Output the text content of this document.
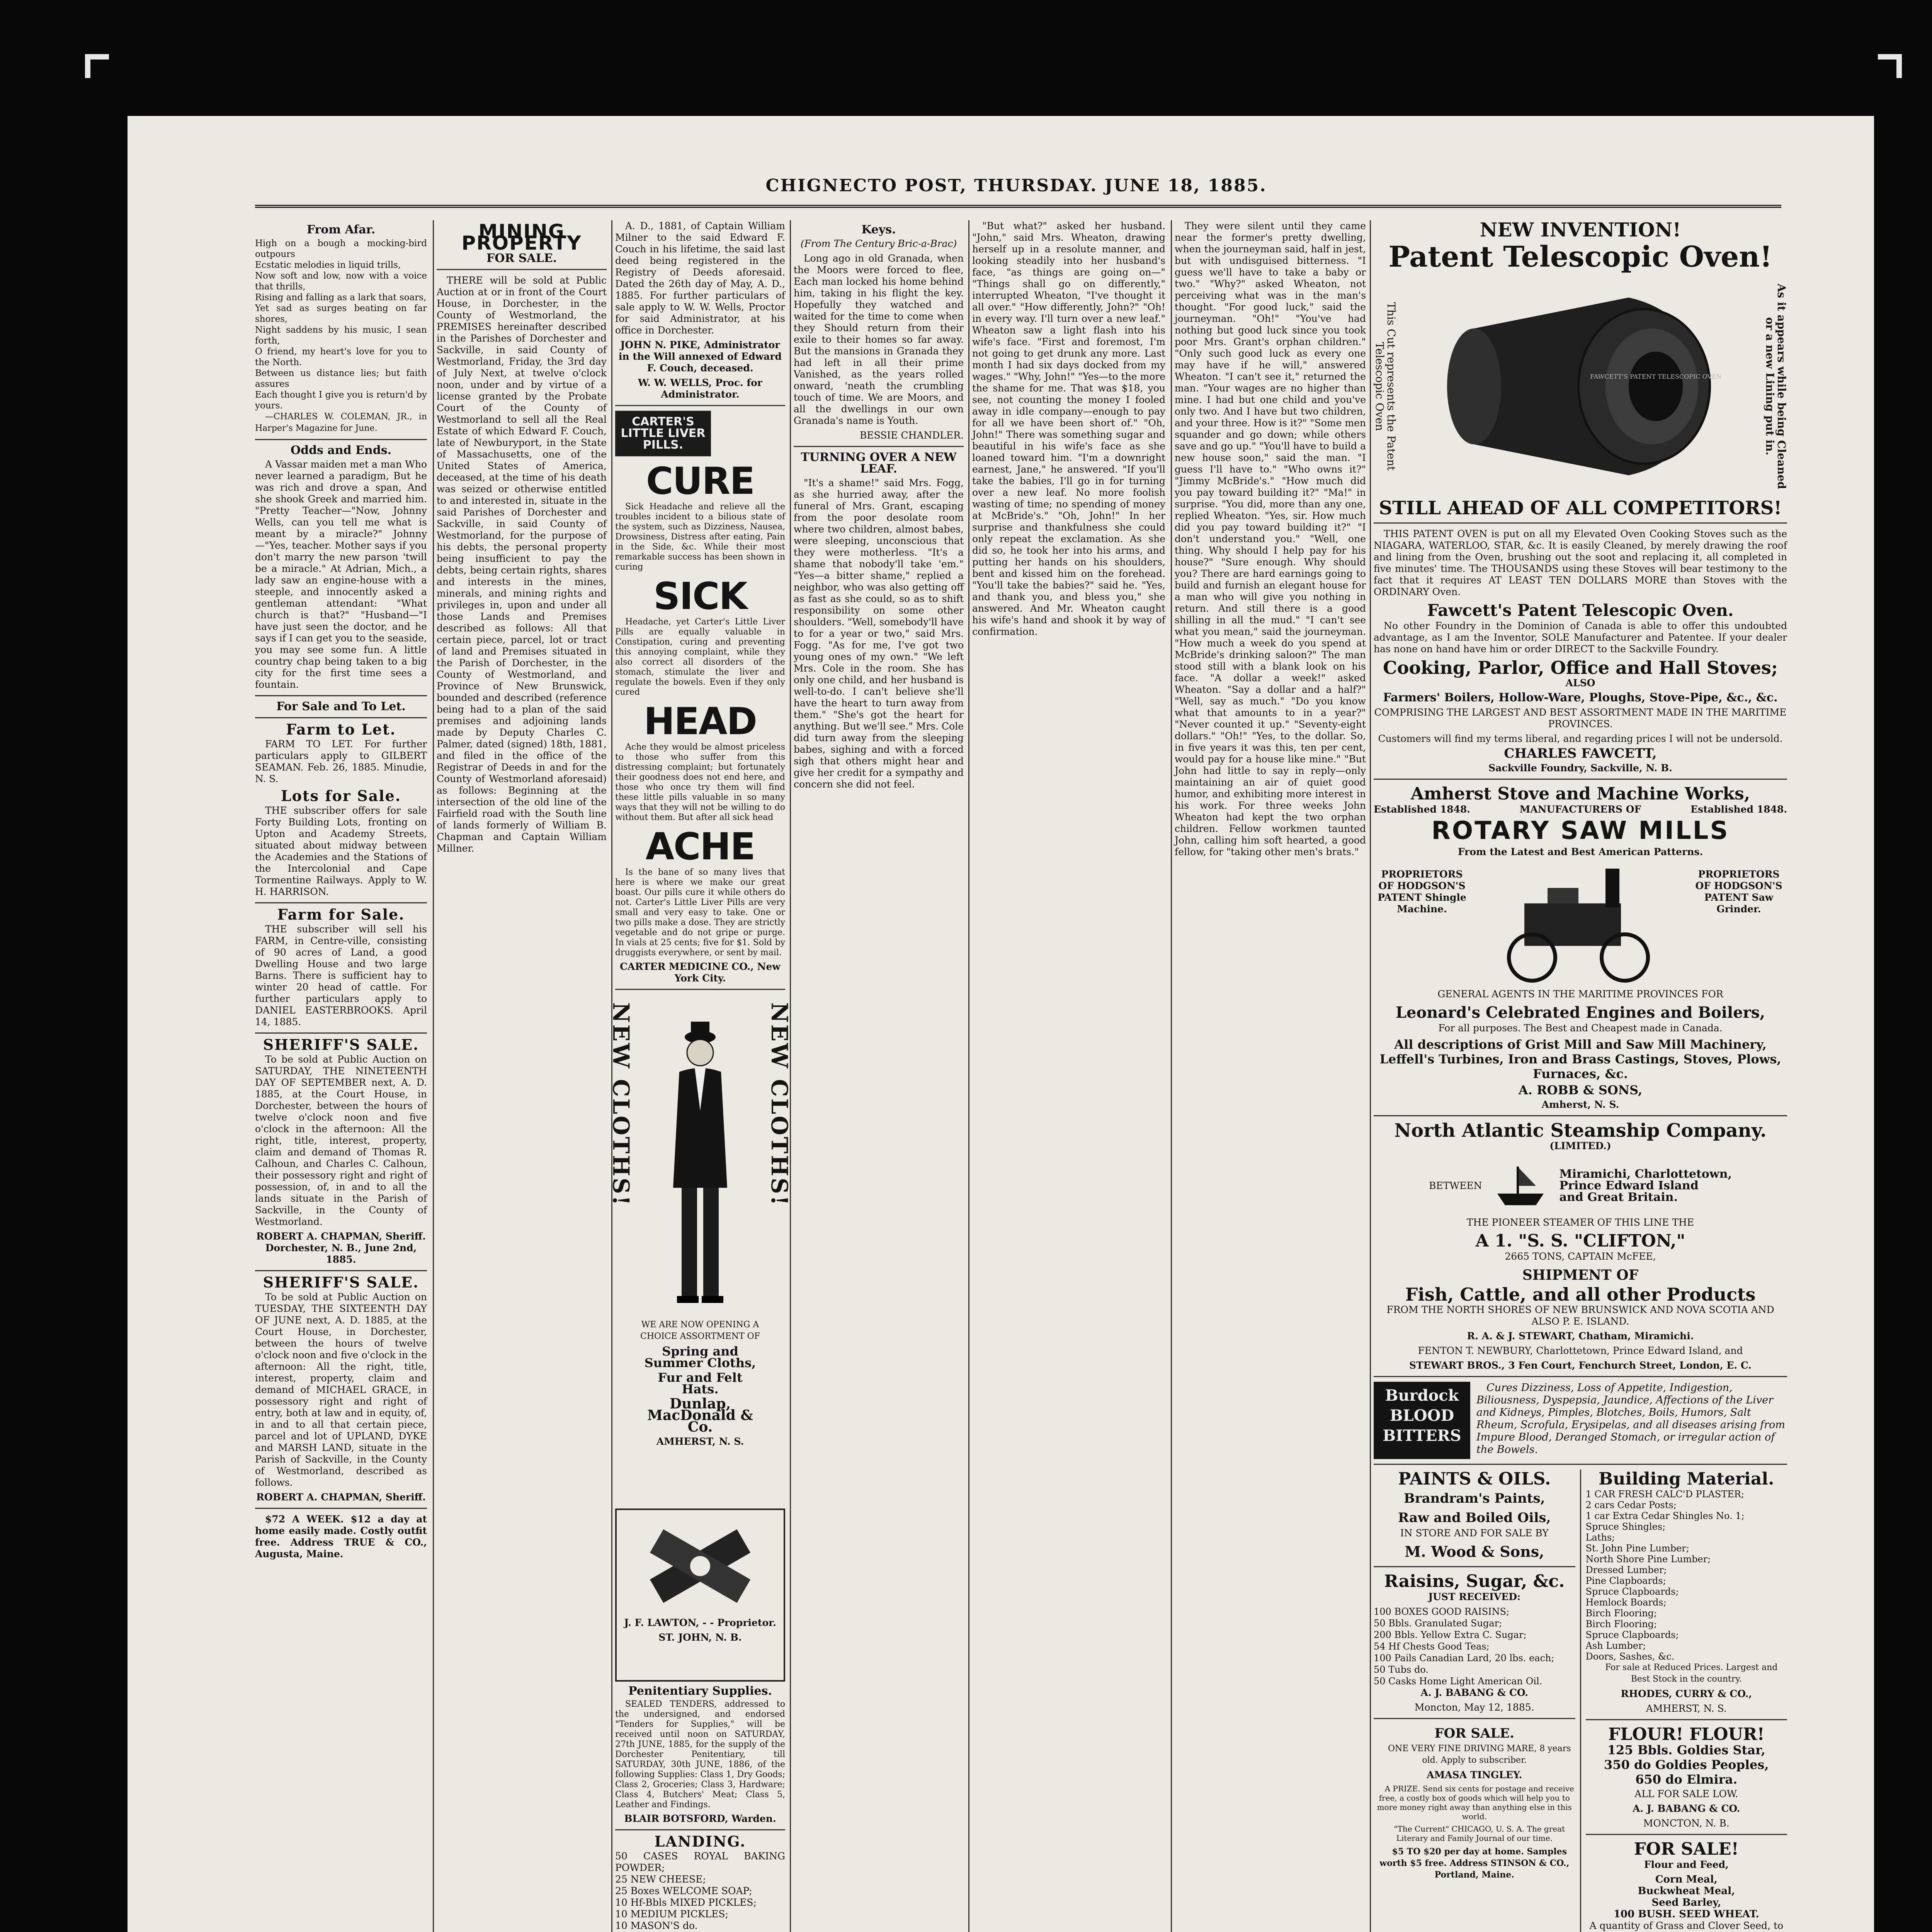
CHIGNECTO POST, THURSDAY. JUNE 18, 1885.
From Afar.
High on a bough a mocking-bird outpours
Ecstatic melodies in liquid trills,
Now soft and low, now with a voice that thrills,
Rising and falling as a lark that soars,
Yet sad as surges beating on far shores,
Night saddens by his music, I sean forth,
O friend, my heart's love for you to the North.
Between us distance lies; but faith assures
Each thought I give you is return'd by yours.

—CHARLES W. COLEMAN, JR., in Harper's Magazine for June.

Odds and Ends.

A Vassar maiden met a man Who never learned a paradigm, But he was rich and drove a span, And she shook Greek and married him. "Pretty Teacher—"Now, Johnny Wells, can you tell me what is meant by a miracle?" Johnny—"Yes, teacher. Mother says if you don't marry the new parson 'twill be a miracle." At Adrian, Mich., a lady saw an engine-house with a steeple, and innocently asked a gentleman attendant: "What church is that?" "Husband—"I have just seen the doctor, and he says if I can get you to the seaside, you may see some fun. A little country chap being taken to a big city for the first time sees a fountain.

For Sale and To Let.
Farm to Let.

FARM TO LET. For further particulars apply to GILBERT SEAMAN. Feb. 26, 1885. Minudie, N. S.

Lots for Sale.

THE subscriber offers for sale Forty Building Lots, fronting on Upton and Academy Streets, situated about midway between the Academies and the Stations of the Intercolonial and Cape Tormentine Railways. Apply to W. H. HARRISON.

Farm for Sale.

THE subscriber will sell his FARM, in Centre-ville, consisting of 90 acres of Land, a good Dwelling House and two large Barns. There is sufficient hay to winter 20 head of cattle. For further particulars apply to DANIEL EASTERBROOKS. April 14, 1885.

SHERIFF'S SALE.

To be sold at Public Auction on SATURDAY, THE NINETEENTH DAY OF SEPTEMBER next, A. D. 1885, at the Court House, in Dorchester, between the hours of twelve o'clock noon and five o'clock in the afternoon: All the right, title, interest, property, claim and demand of Thomas R. Calhoun, and Charles C. Calhoun, their possessory right and right of possession, of, in and to all the lands situate in the Parish of Sackville, in the County of Westmorland.

ROBERT A. CHAPMAN, Sheriff. Dorchester, N. B., June 2nd, 1885.

SHERIFF'S SALE.

To be sold at Public Auction on TUESDAY, THE SIXTEENTH DAY OF JUNE next, A. D. 1885, at the Court House, in Dorchester, between the hours of twelve o'clock noon and five o'clock in the afternoon: All the right, title, interest, property, claim and demand of MICHAEL GRACE, in possessory right and right of entry, both at law and in equity, of, in and to all that certain piece, parcel and lot of UPLAND, DYKE and MARSH LAND, situate in the Parish of Sackville, in the County of Westmorland, described as follows.

ROBERT A. CHAPMAN, Sheriff.

$72 A WEEK. $12 a day at home easily made. Costly outfit free. Address TRUE & CO., Augusta, Maine.

MINING PROPERTY
FOR SALE.

THERE will be sold at Public Auction at or in front of the Court House, in Dorchester, in the County of Westmorland, the PREMISES hereinafter described in the Parishes of Dorchester and Sackville, in said County of Westmorland, Friday, the 3rd day of July Next, at twelve o'clock noon, under and by virtue of a license granted by the Probate Court of the County of Westmorland to sell all the Real Estate of which Edward F. Couch, late of Newburyport, in the State of Massachusetts, one of the United States of America, deceased, at the time of his death was seized or otherwise entitled to and interested in, situate in the said Parishes of Dorchester and Sackville, in said County of Westmorland, for the purpose of his debts, the personal property being insufficient to pay the debts, being certain rights, shares and interests in the mines, minerals, and mining rights and privileges in, upon and under all those Lands and Premises described as follows: All that certain piece, parcel, lot or tract of land and Premises situated in the Parish of Dorchester, in the County of Westmorland, and Province of New Brunswick, bounded and described (reference being had to a plan of the said premises and adjoining lands made by Deputy Charles C. Palmer, dated (signed) 18th, 1881, and filed in the office of the Registrar of Deeds in and for the County of Westmorland aforesaid) as follows: Beginning at the intersection of the old line of the Fairfield road with the South line of lands formerly of William B. Chapman and Captain William Millner.

A. D., 1881, of Captain William Milner to the said Edward F. Couch in his lifetime, the said last deed being registered in the Registry of Deeds aforesaid. Dated the 26th day of May, A. D., 1885. For further particulars of sale apply to W. W. Wells, Proctor for said Administrator, at his office in Dorchester.

JOHN N. PIKE, Administrator in the Will annexed of Edward F. Couch, deceased.

W. W. WELLS, Proc. for Administrator.

CARTER'S LITTLE LIVER PILLS.
CURE

Sick Headache and relieve all the troubles incident to a bilious state of the system, such as Dizziness, Nausea, Drowsiness, Distress after eating, Pain in the Side, &c. While their most remarkable success has been shown in curing

SICK

Headache, yet Carter's Little Liver Pills are equally valuable in Constipation, curing and preventing this annoying complaint, while they also correct all disorders of the stomach, stimulate the liver and regulate the bowels. Even if they only cured

HEAD

Ache they would be almost priceless to those who suffer from this distressing complaint; but fortunately their goodness does not end here, and those who once try them will find these little pills valuable in so many ways that they will not be willing to do without them. But after all sick head

ACHE

Is the bane of so many lives that here is where we make our great boast. Our pills cure it while others do not. Carter's Little Liver Pills are very small and very easy to take. One or two pills make a dose. They are strictly vegetable and do not gripe or purge. In vials at 25 cents; five for $1. Sold by druggists everywhere, or sent by mail.

CARTER MEDICINE CO., New York City.

NEW CLOTHS!	NEW CLOTHS!

WE ARE NOW OPENING A CHOICE ASSORTMENT OF

Spring and Summer Cloths,

Fur and Felt Hats.

Dunlap, MacDonald & Co.

AMHERST, N. S.

J. F. LAWTON, - - Proprietor.

ST. JOHN, N. B.

Penitentiary Supplies.

SEALED TENDERS, addressed to the undersigned, and endorsed "Tenders for Supplies," will be received until noon on SATURDAY, 27th JUNE, 1885, for the supply of the Dorchester Penitentiary, till SATURDAY, 30th JUNE, 1886, of the following Supplies: Class 1, Dry Goods; Class 2, Groceries; Class 3, Hardware; Class 4, Butchers' Meat; Class 5, Leather and Findings.

BLAIR BOTSFORD, Warden.

LANDING.
50 CASES ROYAL BAKING POWDER;
25 NEW CHEESE;
25 Boxes WELCOME SOAP;
10 Hf-Bbls MIXED PICKLES;
10 MEDIUM PICKLES;
10 MASON'S do.

Keys.

(From The Century Bric-a-Brac)

Long ago in old Granada, when the Moors were forced to flee, Each man locked his home behind him, taking in his flight the key. Hopefully they watched and waited for the time to come when they Should return from their exile to their homes so far away. But the mansions in Granada they had left in all their prime Vanished, as the years rolled onward, 'neath the crumbling touch of time. We are Moors, and all the dwellings in our own Granada's name is Youth.

BESSIE CHANDLER.

TURNING OVER A NEW LEAF.

"It's a shame!" said Mrs. Fogg, as she hurried away, after the funeral of Mrs. Grant, escaping from the poor desolate room where two children, almost babes, were sleeping, unconscious that they were motherless. "It's a shame that nobody'll take 'em." "Yes—a bitter shame," replied a neighbor, who was also getting off as fast as she could, so as to shift responsibility on some other shoulders. "Well, somebody'll have to for a year or two," said Mrs. Fogg. "As for me, I've got two young ones of my own." "We left Mrs. Cole in the room. She has only one child, and her husband is well-to-do. I can't believe she'll have the heart to turn away from them." "She's got the heart for anything. But we'll see." Mrs. Cole did turn away from the sleeping babes, sighing and with a forced sigh that others might hear and give her credit for a sympathy and concern she did not feel.

"But what?" asked her husband. "John," said Mrs. Wheaton, drawing herself up in a resolute manner, and looking steadily into her husband's face, "as things are going on—" "Things shall go on differently," interrupted Wheaton, "I've thought it all over." "How differently, John?" "Oh! in every way. I'll turn over a new leaf." Wheaton saw a light flash into his wife's face. "First and foremost, I'm not going to get drunk any more. Last month I had six days docked from my wages." "Why, John!" "Yes—to the more the shame for me. That was $18, you see, not counting the money I fooled away in idle company—enough to pay for all we have been short of." "Oh, John!" There was something sugar and beautiful in his wife's face as she loaned toward him. "I'm a downright earnest, Jane," he answered. "If you'll take the babies, I'll go in for turning over a new leaf. No more foolish wasting of time; no spending of money at McBride's." "Oh, John!" In her surprise and thankfulness she could only repeat the exclamation. As she did so, he took her into his arms, and putting her hands on his shoulders, bent and kissed him on the forehead. "You'll take the babies?" said he. "Yes, and thank you, and bless you," she answered. And Mr. Wheaton caught his wife's hand and shook it by way of confirmation.

They were silent until they came near the former's pretty dwelling, when the journeyman said, half in jest, but with undisguised bitterness. "I guess we'll have to take a baby or two." "Why?" asked Wheaton, not perceiving what was in the man's thought. "For good luck," said the journeyman. "Oh!" "You've had nothing but good luck since you took poor Mrs. Grant's orphan children." "Only such good luck as every one may have if he will," answered Wheaton. "I can't see it," returned the man. "Your wages are no higher than mine. I had but one child and you've only two. And I have but two children, and your three. How is it?" "Some men squander and go down; while others save and go up." "You'll have to build a new house soon," said the man. "I guess I'll have to." "Who owns it?" "Jimmy McBride's." "How much did you pay toward building it?" "Ma!" in surprise. "You did, more than any one, replied Wheaton. "Yes, sir. How much did you pay toward building it?" "I don't understand you." "Well, one thing. Why should I help pay for his house?" "Sure enough. Why should you? There are hard earnings going to build and furnish an elegant house for a man who will give you nothing in return. And still there is a good shilling in all the mud." "I can't see what you mean," said the journeyman. "How much a week do you spend at McBride's drinking saloon?" The man stood still with a blank look on his face. "A dollar a week!" asked Wheaton. "Say a dollar and a half?" "Well, say as much." "Do you know what that amounts to in a year?" "Never counted it up." "Seventy-eight dollars." "Oh!" "Yes, to the dollar. So, in five years it was this, ten per cent, would pay for a house like mine." "But John had little to say in reply—only maintaining an air of quiet good humor, and exhibiting more interest in his work. For three weeks John Wheaton had kept the two orphan children. Fellow workmen taunted John, calling him soft hearted, a good fellow, for "taking other men's brats."

NEW INVENTION!
Patent Telescopic Oven!
This Cut represents the Patent Telescopic Oven	As it appears while being Cleaned or a new Lining put in.
FAWCETT'S PATENT TELESCOPIC OVEN
STILL AHEAD OF ALL COMPETITORS!

THIS PATENT OVEN is put on all my Elevated Oven Cooking Stoves such as the NIAGARA, WATERLOO, STAR, &c. It is easily Cleaned, by merely drawing the roof and lining from the Oven, brushing out the soot and replacing it, all completed in five minutes' time. The THOUSANDS using these Stoves will bear testimony to the fact that it requires AT LEAST TEN DOLLARS MORE than Stoves with the ORDINARY Oven.

Fawcett's Patent Telescopic Oven.

No other Foundry in the Dominion of Canada is able to offer this undoubted advantage, as I am the Inventor, SOLE Manufacturer and Patentee. If your dealer has none on hand have him or order DIRECT to the Sackville Foundry.

Cooking, Parlor, Office and Hall Stoves;

ALSO

Farmers' Boilers, Hollow-Ware, Ploughs, Stove-Pipe, &c., &c.

COMPRISING THE LARGEST AND BEST ASSORTMENT MADE IN THE MARITIME PROVINCES.

Customers will find my terms liberal, and regarding prices I will not be undersold.

CHARLES FAWCETT,

Sackville Foundry, Sackville, N. B.

Amherst Stove and Machine Works,
Established 1848.	MANUFACTURERS OF	Established 1848.
ROTARY SAW MILLS

From the Latest and Best American Patterns.

PROPRIETORS OF HODGSON'S PATENT Shingle Machine.
PROPRIETORS OF HODGSON'S PATENT Saw Grinder.

GENERAL AGENTS IN THE MARITIME PROVINCES FOR

Leonard's Celebrated Engines and Boilers,

For all purposes. The Best and Cheapest made in Canada.

All descriptions of Grist Mill and Saw Mill Machinery, Leffell's Turbines, Iron and Brass Castings, Stoves, Plows, Furnaces, &c.

A. ROBB & SONS,

Amherst, N. S.

North Atlantic Steamship Company.

(LIMITED.)

BETWEEN
Miramichi, Charlottetown,
Prince Edward Island
and Great Britain.

THE PIONEER STEAMER OF THIS LINE THE

A 1. "S. S. "CLIFTON,"

2665 TONS, CAPTAIN McFEE,

SHIPMENT OF
Fish, Cattle, and all other Products

FROM THE NORTH SHORES OF NEW BRUNSWICK AND NOVA SCOTIA AND ALSO P. E. ISLAND.

R. A. & J. STEWART, Chatham, Miramichi.

FENTON T. NEWBURY, Charlottetown, Prince Edward Island, and

STEWART BROS., 3 Fen Court, Fenchurch Street, London, E. C.

Burdock
BLOOD
BITTERS

Cures Dizziness, Loss of Appetite, Indigestion, Biliousness, Dyspepsia, Jaundice, Affections of the Liver and Kidneys, Pimples, Blotches, Boils, Humors, Salt Rheum, Scrofula, Erysipelas, and all diseases arising from Impure Blood, Deranged Stomach, or irregular action of the Bowels.

PAINTS & OILS.
Brandram's Paints,
Raw and Boiled Oils,

IN STORE AND FOR SALE BY

M. Wood & Sons,
Raisins, Sugar, &c.

JUST RECEIVED:

100 BOXES GOOD RAISINS;
50 Bbls. Granulated Sugar;
200 Bbls. Yellow Extra C. Sugar;
54 Hf Chests Good Teas;
100 Pails Canadian Lard, 20 lbs. each;
50 Tubs do.
50 Casks Home Light American Oil.

A. J. BABANG & CO.

Moncton, May 12, 1885.

FOR SALE.

ONE VERY FINE DRIVING MARE, 8 years old. Apply to subscriber.

AMASA TINGLEY.

A PRIZE. Send six cents for postage and receive free, a costly box of goods which will help you to more money right away than anything else in this world.

"The Current" CHICAGO, U. S. A. The great Literary and Family Journal of our time.

$5 TO $20 per day at home. Samples worth $5 free. Address STINSON & CO., Portland, Maine.

Building Material.
1 CAR FRESH CALC'D PLASTER;
2 cars Cedar Posts;
1 car Extra Cedar Shingles No. 1;
Spruce Shingles;
Laths;
St. John Pine Lumber;
North Shore Pine Lumber;
Dressed Lumber;
Pine Clapboards;
Spruce Clapboards;
Hemlock Boards;
Birch Flooring;
Birch Flooring;
Spruce Clapboards;
Ash Lumber;
Doors, Sashes, &c.

For sale at Reduced Prices. Largest and Best Stock in the country.

RHODES, CURRY & CO.,

AMHERST, N. S.

FLOUR! FLOUR!

125 Bbls. Goldies Star,

350 do Goldies Peoples,

650 do Elmira.

ALL FOR SALE LOW.

A. J. BABANG & CO.

MONCTON, N. B.

FOR SALE!

Flour and Feed,

Corn Meal,
Buckwheat Meal,
Seed Barley,
100 BUSH. SEED WHEAT.

A quantity of Grass and Clover Seed, to
